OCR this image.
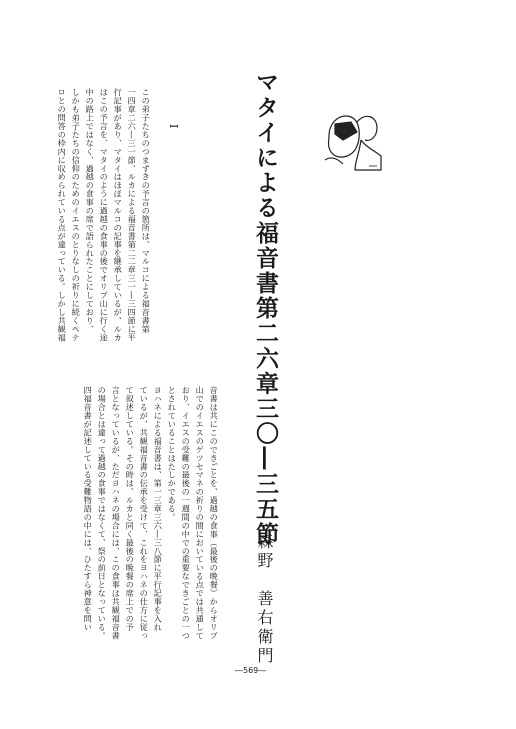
マタイによる福音書第二六章三〇―三五節
森野　善右衛門
I
この弟子たちのつまずきの予言の箇所は、マルコによる福音書第
一四章二六―三一節、ルカによる福音書第二二章三一―三四節に平
行記事があり、マタイはほぼマルコの記事を継承しているが、ルカ
はこの予言を、マタイのように過越の食事の後でオリブ山に行く途
中の路上ではなく、過越の食事の席で語られたことにしており、
しかも弟子たちの信仰のためのイエスのとりなしの祈りに続くペテ
ロとの問答の枠内に収められている点が違っている。しかし共観福
音書は共にこのできごとを、過越の食事（最後の晩餐）からオリブ
山でのイエスのゲツセマネの祈りの間においている点では共通して
おり、イエスの受難の最後の一週間の中での重要なできごとの一つ
とされていることはたしかである。
ヨハネによる福音書は、第一三章三六―三八節に平行記事を入れ
ているが、共観福音書の伝承を受けて、これをヨハネの仕方に従っ
て叙述している。その時は、ルカと同く最後の晩餐の席上での予
言となっているが、ただヨハネの場合には、この食事は共観福音書
の場合とは違って過越の食事ではなくて、祭の前日となっている。
四福音書が記述している受難物語の中には、ひたすら神意を問い
―569―
